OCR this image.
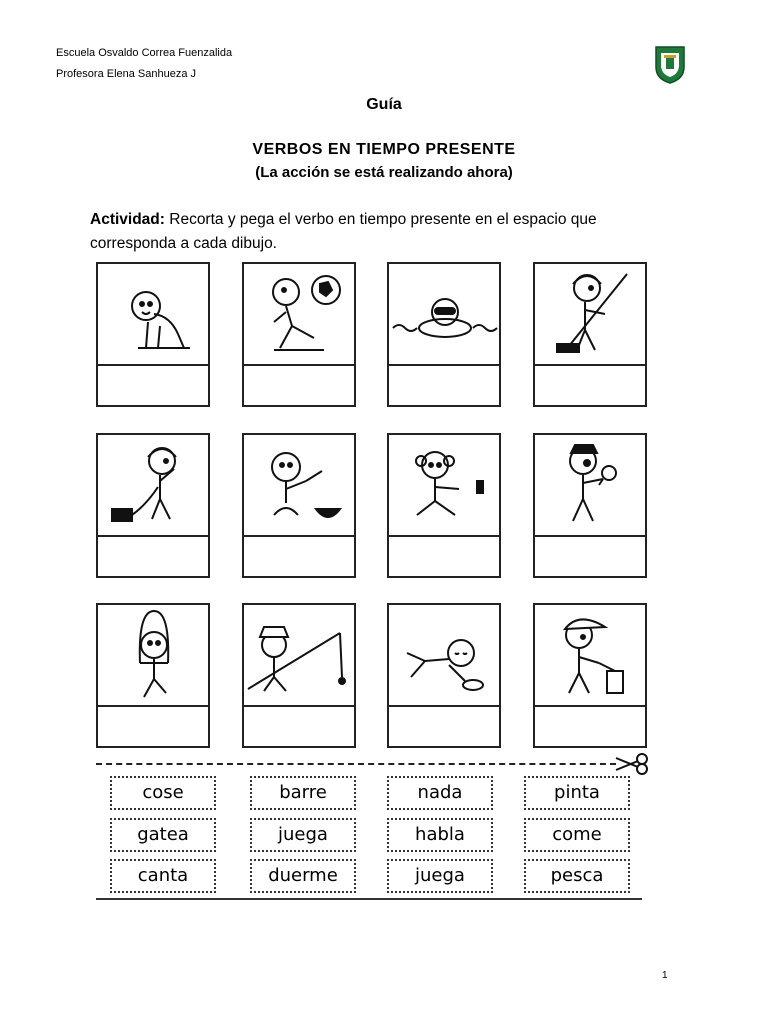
Escuela Osvaldo Correa Fuenzalida
Profesora Elena Sanhueza J
Guía
VERBOS EN TIEMPO PRESENTE
(La acción se está realizando ahora)
Actividad: Recorta y pega el verbo en tiempo presente en el espacio que corresponda a cada dibujo.
cose	barre	nada	pinta
gatea	juega	habla	come
canta	duerme	juega	pesca
1
